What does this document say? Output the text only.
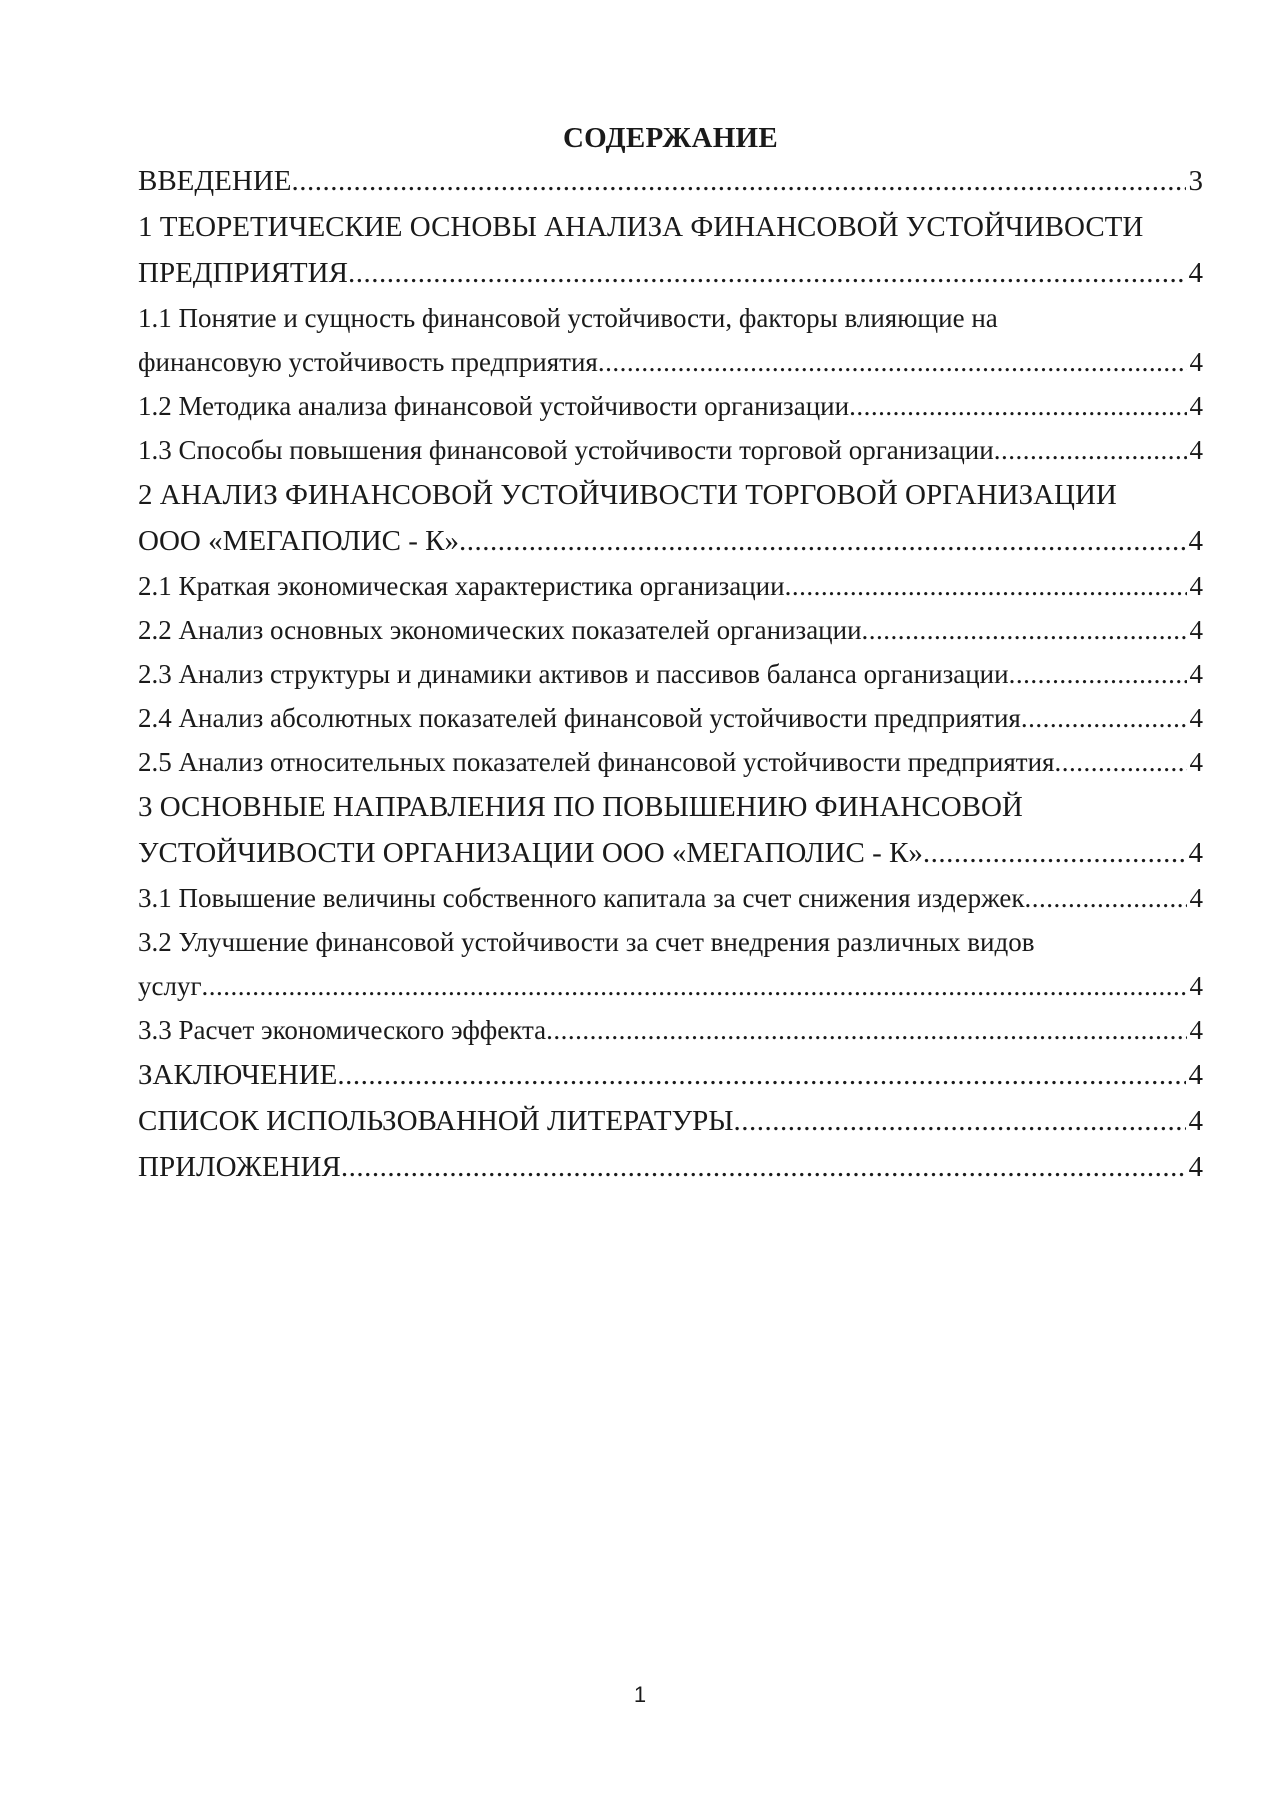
СОДЕРЖАНИЕ
ВВЕДЕНИЕ .....	3
1 ТЕОРЕТИЧЕСКИЕ ОСНОВЫ АНАЛИЗА ФИНАНСОВОЙ УСТОЙЧИВОСТИ
ПРЕДПРИЯТИЯ .....	4
1.1 Понятие и сущность финансовой устойчивости, факторы влияющие на
финансовую устойчивость предприятия .....	4
1.2 Методика анализа финансовой устойчивости организации .....	4
1.3 Способы повышения финансовой устойчивости торговой организации .....	4
2 АНАЛИЗ ФИНАНСОВОЙ УСТОЙЧИВОСТИ ТОРГОВОЙ ОРГАНИЗАЦИИ
ООО «МЕГАПОЛИС - К» .....	4
2.1 Краткая экономическая характеристика организации .....	4
2.2 Анализ основных экономических показателей организации .....	4
2.3 Анализ структуры и динамики активов и пассивов баланса организации .....	4
2.4 Анализ абсолютных показателей финансовой устойчивости предприятия .....	4
2.5 Анализ относительных показателей финансовой устойчивости предприятия .....	4
3 ОСНОВНЫЕ НАПРАВЛЕНИЯ ПО ПОВЫШЕНИЮ ФИНАНСОВОЙ
УСТОЙЧИВОСТИ ОРГАНИЗАЦИИ ООО «МЕГАПОЛИС - К» .....	4
3.1 Повышение величины собственного капитала за счет снижения издержек .....	4
3.2 Улучшение финансовой устойчивости за счет внедрения различных видов
услуг .....	4
3.3 Расчет экономического эффекта .....	4
ЗАКЛЮЧЕНИЕ .....	4
СПИСОК ИСПОЛЬЗОВАННОЙ ЛИТЕРАТУРЫ .....	4
ПРИЛОЖЕНИЯ .....	4
1
